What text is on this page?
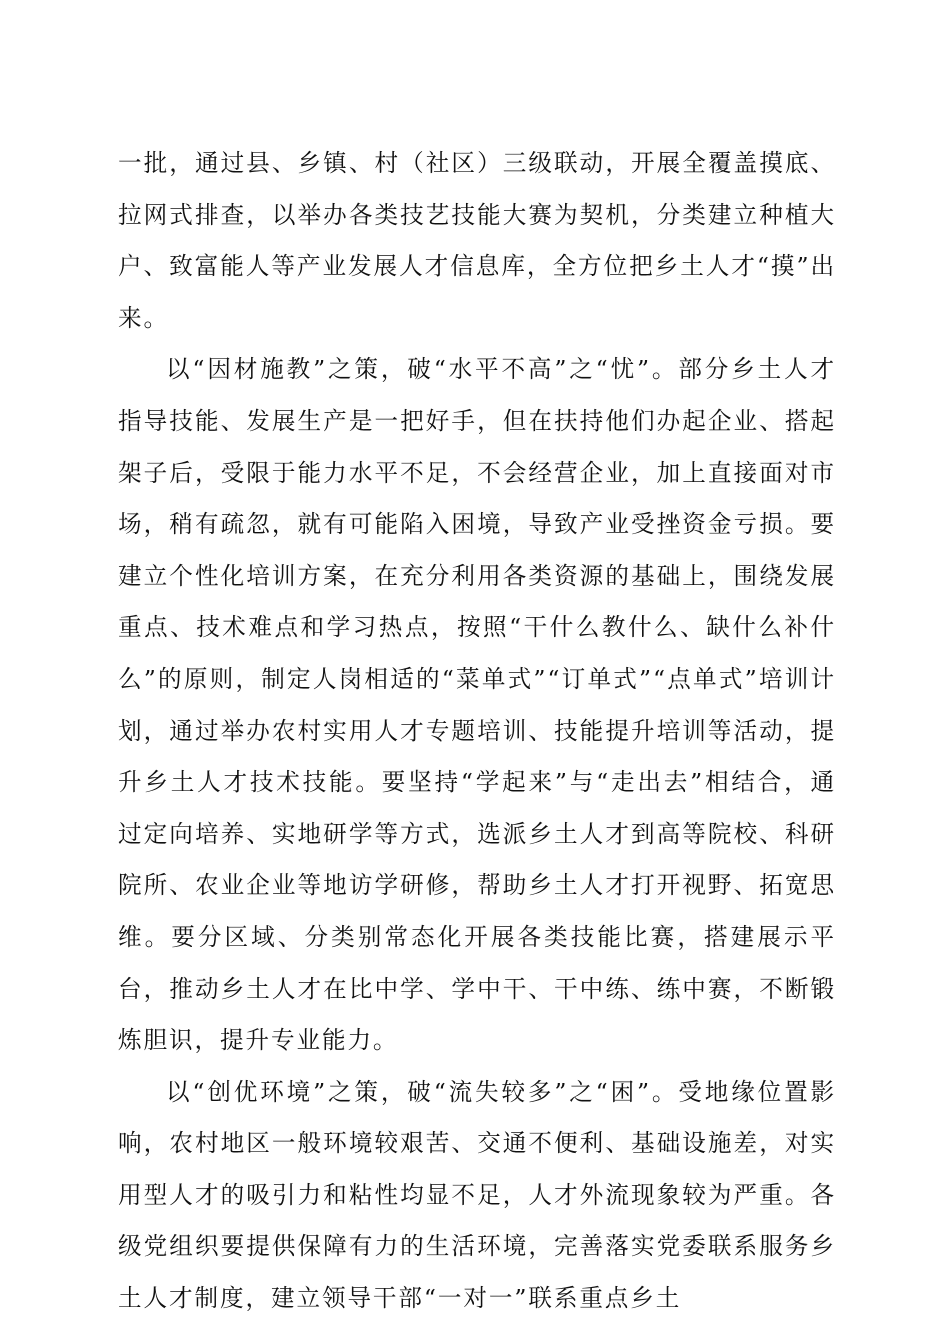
一批，通过县、乡镇、村（社区）三级联动，开展全覆盖摸底、拉网式排查，以举办各类技艺技能大赛为契机，分类建立种植大户、致富能人等产业发展人才信息库，全方位把乡土人才“摸”出来。

以“因材施教”之策，破“水平不高”之“忧”。部分乡土人才指导技能、发展生产是一把好手，但在扶持他们办起企业、搭起架子后，受限于能力水平不足，不会经营企业，加上直接面对市场，稍有疏忽，就有可能陷入困境，导致产业受挫资金亏损。要建立个性化培训方案，在充分利用各类资源的基础上，围绕发展重点、技术难点和学习热点，按照“干什么教什么、缺什么补什么”的原则，制定人岗相适的“菜单式”“订单式”“点单式”培训计划，通过举办农村实用人才专题培训、技能提升培训等活动，提升乡土人才技术技能。要坚持“学起来”与“走出去”相结合，通过定向培养、实地研学等方式，选派乡土人才到高等院校、科研院所、农业企业等地访学研修，帮助乡土人才打开视野、拓宽思维。要分区域、分类别常态化开展各类技能比赛，搭建展示平台，推动乡土人才在比中学、学中干、干中练、练中赛，不断锻炼胆识，提升专业能力。

以“创优环境”之策，破“流失较多”之“困”。受地缘位置影响，农村地区一般环境较艰苦、交通不便利、基础设施差，对实用型人才的吸引力和粘性均显不足，人才外流现象较为严重。各级党组织要提供保障有力的生活环境，完善落实党委联系服务乡土人才制度，建立领导干部“一对一”联系重点乡土
